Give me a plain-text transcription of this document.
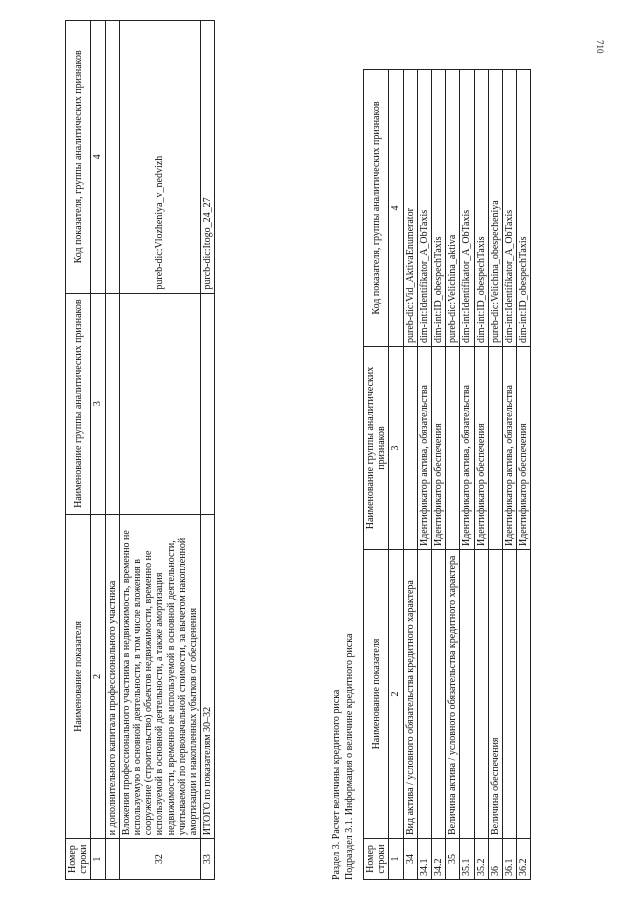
710
Номер строки	Наименование показателя	Наименование группы аналитических признаков	Код показателя, группы аналитических признаков
1	2	3	4
	и дополнительного капитала профессионального участника		
32	Вложения профессионального участника в недвижимость, временно не используемую в основной деятельности, в том числе вложения в сооружение (строительство) объектов недвижимости, временно не используемой в основной деятельности, а также амортизация недвижимости, временно не используемой в основной деятельности, учитываемой по первоначальной стоимости, за вычетом накопленной амортизации и накопленных убытков от обесценения		pureb-dic:Vlozheniya_v_nedvizh
33	ИТОГО по показателям 30–32		purcb-dic:Itogo_24_27
Раздел 3. Расчет величины кредитного риска Подраздел 3.1. Информация о величине кредитного риска Номер строки	Наименование показателя	Наименование группы аналитических признаков	Код показателя, группы аналитических признаков
1	2	3	4
34	Вид актива / условного обязательства кредитного характера		pureb-dic:Vid_AktivaEnumerator
34.1		Идентификатор актива, обязательства	dim-int:Identifikator_A_ObTaxis
34.2		Идентификатор обеспечения	dim-int:ID_obespechTaxis
35	Величина актива / условного обязательства кредитного характера		pureb-dic:Velichina_aktiva
35.1		Идентификатор актива, обязательства	dim-int:Identifikator_A_ObTaxis
35.2		Идентификатор обеспечения	dim-int:ID_obespechTaxis
36	Величина обеспечения		pureb-dic:Velichina_obespecheniya
36.1		Идентификатор актива, обязательства	dim-int:Identifikator_A_ObTaxis
36.2		Идентификатор обеспечения	dim-int:ID_obespechTaxis
